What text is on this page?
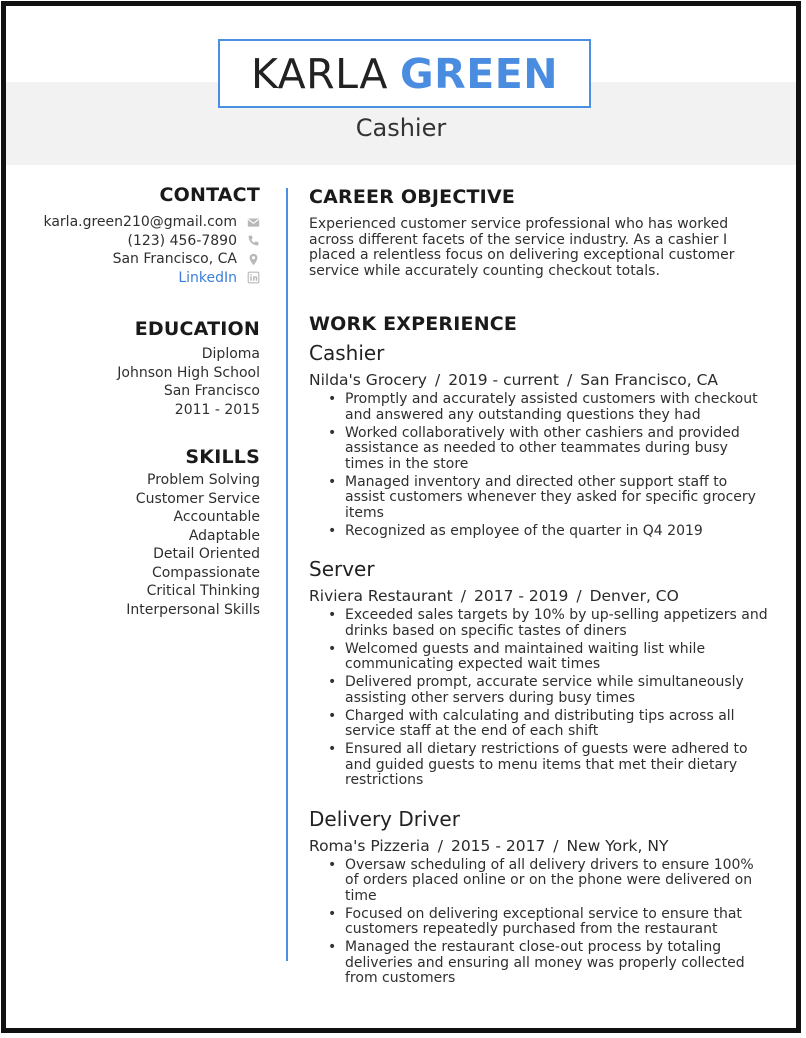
KARLA GREEN
Cashier
CONTACT
karla.green210@gmail.com
(123) 456-7890
San Francisco, CA
LinkedIn
EDUCATION
Diploma
Johnson High School
San Francisco
2011 - 2015
SKILLS
Problem Solving
Customer Service
Accountable
Adaptable
Detail Oriented
Compassionate
Critical Thinking
Interpersonal Skills
CAREER OBJECTIVE
Experienced customer service professional who has worked across different facets of the service industry. As a cashier I placed a relentless focus on delivering exceptional customer service while accurately counting checkout totals.
WORK EXPERIENCE
Cashier
Nilda's Grocery / 2019 - current / San Francisco, CA
• Promptly and accurately assisted customers with checkout and answered any outstanding questions they had
• Worked collaboratively with other cashiers and provided assistance as needed to other teammates during busy times in the store
• Managed inventory and directed other support staff to assist customers whenever they asked for specific grocery items
• Recognized as employee of the quarter in Q4 2019
Server
Riviera Restaurant / 2017 - 2019 / Denver, CO
• Exceeded sales targets by 10% by up-selling appetizers and drinks based on specific tastes of diners
• Welcomed guests and maintained waiting list while communicating expected wait times
• Delivered prompt, accurate service while simultaneously assisting other servers during busy times
• Charged with calculating and distributing tips across all service staff at the end of each shift
• Ensured all dietary restrictions of guests were adhered to and guided guests to menu items that met their dietary restrictions
Delivery Driver
Roma's Pizzeria / 2015 - 2017 / New York, NY
• Oversaw scheduling of all delivery drivers to ensure 100% of orders placed online or on the phone were delivered on time
• Focused on delivering exceptional service to ensure that customers repeatedly purchased from the restaurant
• Managed the restaurant close-out process by totaling deliveries and ensuring all money was properly collected from customers
